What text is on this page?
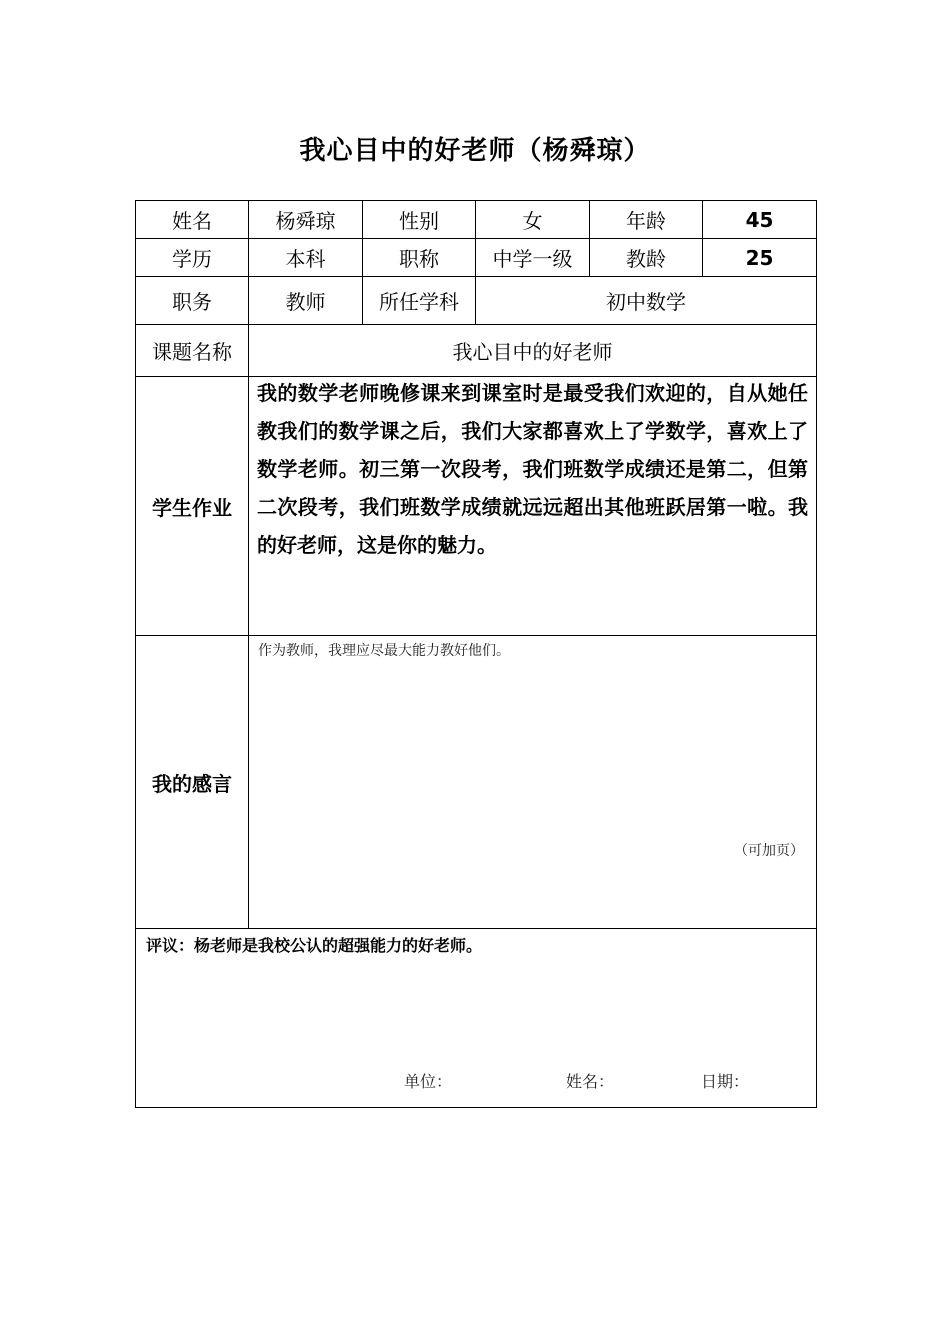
我心目中的好老师（杨舜琼）
姓名	杨舜琼	性别	女	年龄	45
学历	本科	职称	中学一级	教龄	25
职务	教师	所任学科	初中数学		
课题名称	我心目中的好老师				
学生作业	我的数学老师晚修课来到课室时是最受我们欢迎的，自从她任教我们的数学课之后，我们大家都喜欢上了学数学，喜欢上了数学老师。初三第一次段考，我们班数学成绩还是第二，但第二次段考，我们班数学成绩就远远超出其他班跃居第一啦。我的好老师，这是你的魅力。				

我的感言	作为教师，我理应尽最大能力教好他们。
（可加页）				

评议：杨老师是我校公认的超强能力的好老师。
单位： 姓名： 日期：					
